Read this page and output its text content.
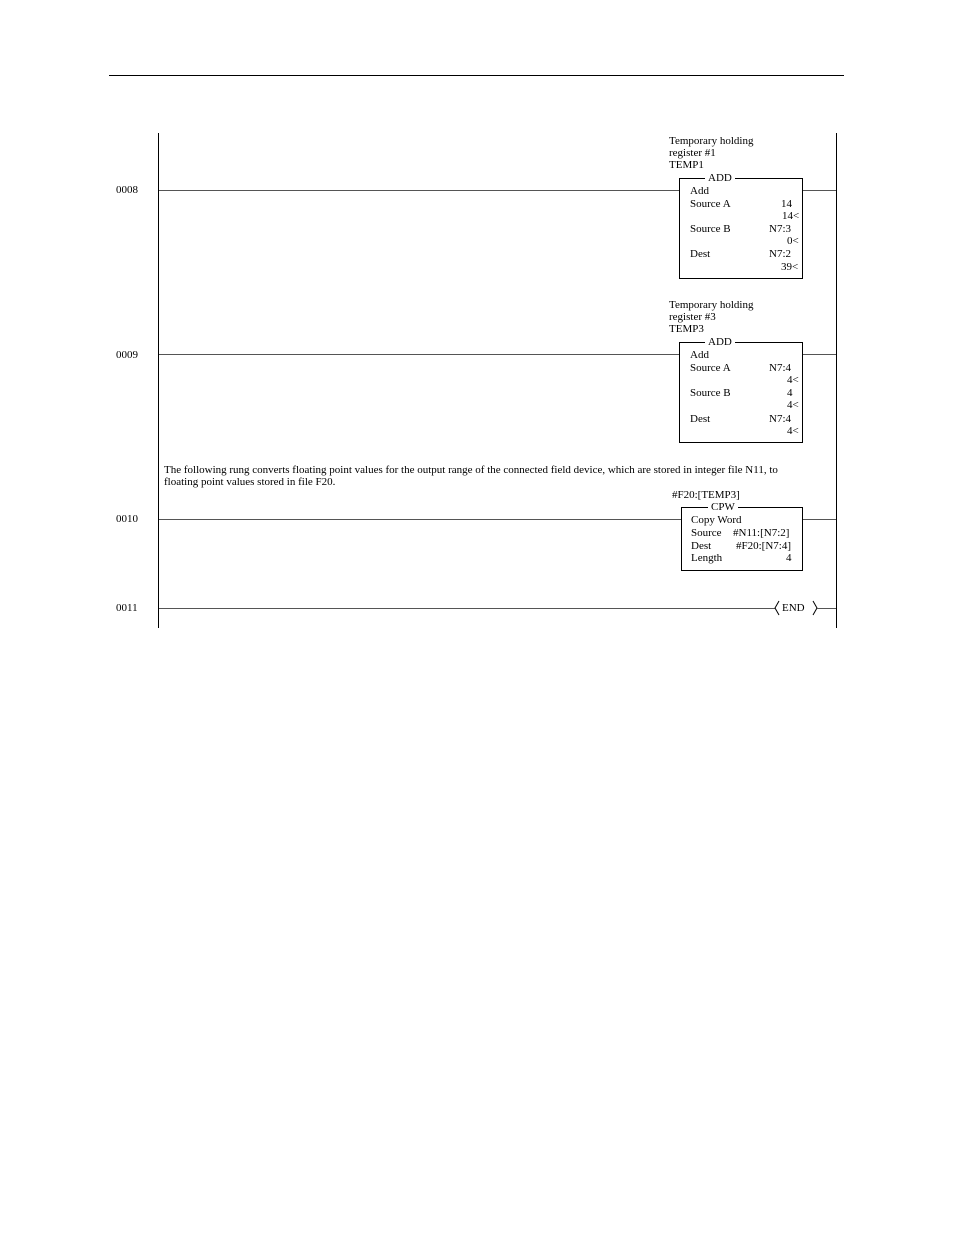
0008
Temporary holding
register #1
TEMP1
ADD
Add
Source A	14
14<
Source B	N7:3
0<
Dest	N7:2
39<
0009
Temporary holding
register #3
TEMP3
ADD
Add
Source A	N7:4
4<
Source B	4
4<
Dest	N7:4
4<
The following rung converts floating point values for the output range of the connected field device, which are stored in integer file N11, to
floating point values stored in file F20.
0010
#F20:[TEMP3]
CPW
Copy Word
Source #N11:[N7:2]
Dest #F20:[N7:4]
Length	4
0011	END
